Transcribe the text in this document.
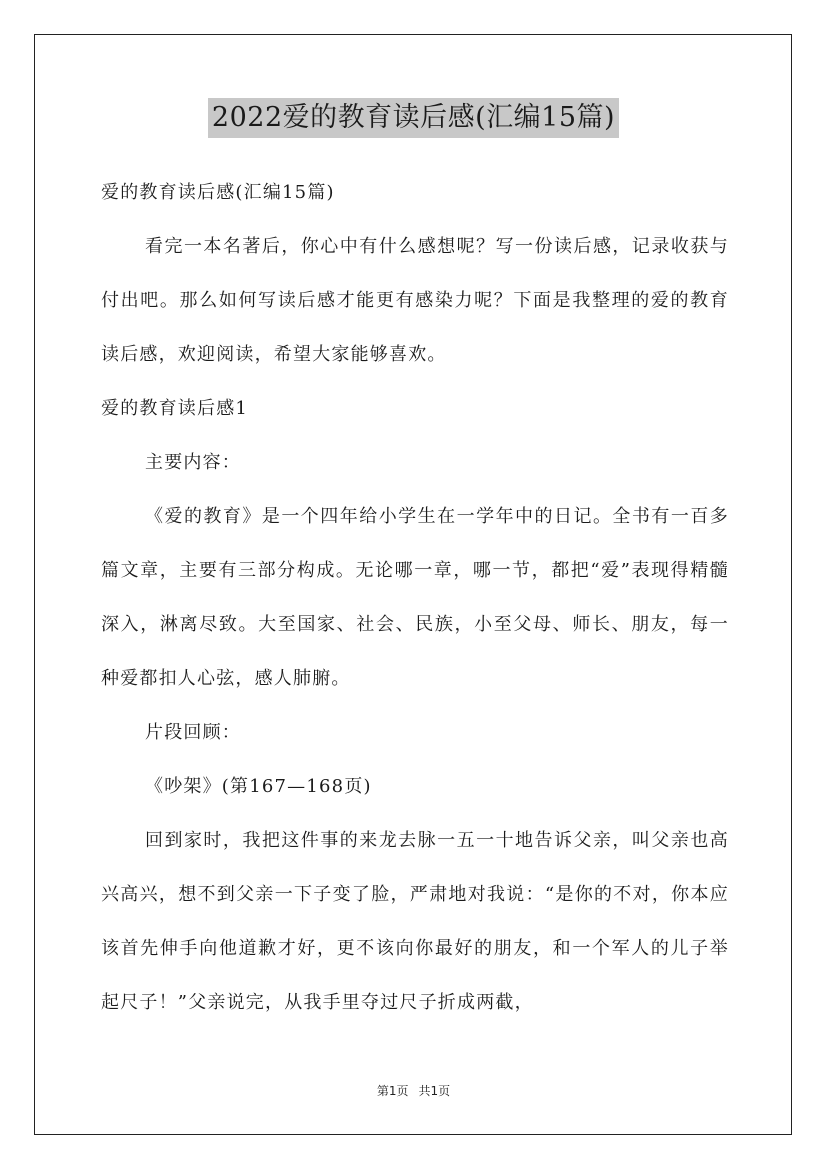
2022爱的教育读后感(汇编15篇)

爱的教育读后感(汇编15篇)

看完一本名著后，你心中有什么感想呢？写一份读后感，记录收获与付出吧。那么如何写读后感才能更有感染力呢？下面是我整理的爱的教育读后感，欢迎阅读，希望大家能够喜欢。

爱的教育读后感1

主要内容：

《爱的教育》是一个四年给小学生在一学年中的日记。全书有一百多篇文章，主要有三部分构成。无论哪一章，哪一节，都把“爱”表现得精髓深入，淋离尽致。大至国家、社会、民族，小至父母、师长、朋友，每一种爱都扣人心弦，感人肺腑。

片段回顾：

《吵架》(第167—168页)

回到家时，我把这件事的来龙去脉一五一十地告诉父亲，叫父亲也高兴高兴，想不到父亲一下子变了脸，严肃地对我说：“是你的不对，你本应该首先伸手向他道歉才好，更不该向你最好的朋友，和一个军人的儿子举起尺子！”父亲说完，从我手里夺过尺子折成两截，

第1页 共1页
